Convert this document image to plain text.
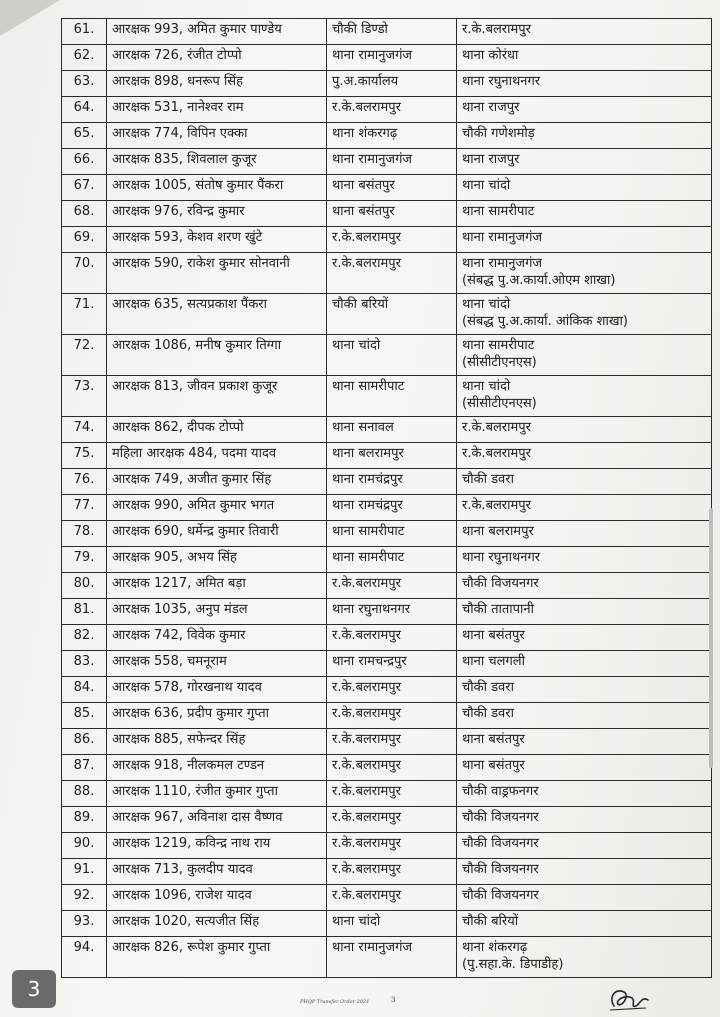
61.	आरक्षक 993, अमित कुमार पाण्डेय	चौकी डिण्डो	र.के.बलरामपुर

62.	आरक्षक 726, रंजीत टोप्पो	थाना रामानुजगंज	थाना कोरंधा

63.	आरक्षक 898, धनरूप सिंह	पु.अ.कार्यालय	थाना रघुनाथनगर

64.	आरक्षक 531, नानेश्वर राम	र.के.बलरामपुर	थाना राजपुर

65.	आरक्षक 774, विपिन एक्का	थाना शंकरगढ़	चौकी गणेशमोड़

66.	आरक्षक 835, शिवलाल कुजूर	थाना रामानुजगंज	थाना राजपुर

67.	आरक्षक 1005, संतोष कुमार पैंकरा	थाना बसंतपुर	थाना चांदो

68.	आरक्षक 976, रविन्द्र कुमार	थाना बसंतपुर	थाना सामरीपाट

69.	आरक्षक 593, केशव शरण खुंटे	र.के.बलरामपुर	थाना रामानुजगंज

70.	आरक्षक 590, राकेश कुमार सोनवानी	र.के.बलरामपुर	थाना रामानुजगंज
(संबद्ध पु.अ.कार्या.ओएम शाखा)

71.	आरक्षक 635, सत्यप्रकाश पैंकरा	चौकी बरियों	थाना चांदो
(संबद्ध पु.अ.कार्या. आंकिक शाखा)

72.	आरक्षक 1086, मनीष कुमार तिग्गा	थाना चांदो	थाना सामरीपाट
(सीसीटीएनएस)

73.	आरक्षक 813, जीवन प्रकाश कुजूर	थाना सामरीपाट	थाना चांदो
(सीसीटीएनएस)

74.	आरक्षक 862, दीपक टोप्पो	थाना सनावल	र.के.बलरामपुर

75.	महिला आरक्षक 484, पदमा यादव	थाना बलरामपुर	र.के.बलरामपुर

76.	आरक्षक 749, अजीत कुमार सिंह	थाना रामचंद्रपुर	चौकी डवरा

77.	आरक्षक 990, अमित कुमार भगत	थाना रामचंद्रपुर	र.के.बलरामपुर

78.	आरक्षक 690, धर्मेन्द्र कुमार तिवारी	थाना सामरीपाट	थाना बलरामपुर

79.	आरक्षक 905, अभय सिंह	थाना सामरीपाट	थाना रघुनाथनगर

80.	आरक्षक 1217, अमित बड़ा	र.के.बलरामपुर	चौकी विजयनगर

81.	आरक्षक 1035, अनुप मंडल	थाना रघुनाथनगर	चौकी तातापानी

82.	आरक्षक 742, विवेक कुमार	र.के.बलरामपुर	थाना बसंतपुर

83.	आरक्षक 558, चमनूराम	थाना रामचन्द्रपुर	थाना चलगली

84.	आरक्षक 578, गोरखनाथ यादव	र.के.बलरामपुर	चौकी डवरा

85.	आरक्षक 636, प्रदीप कुमार गुप्ता	र.के.बलरामपुर	चौकी डवरा

86.	आरक्षक 885, सफेन्दर सिंह	र.के.बलरामपुर	थाना बसंतपुर

87.	आरक्षक 918, नीलकमल टण्डन	र.के.बलरामपुर	थाना बसंतपुर

88.	आरक्षक 1110, रंजीत कुमार गुप्ता	र.के.बलरामपुर	चौकी वाड्रफनगर

89.	आरक्षक 967, अविनाश दास वैष्णव	र.के.बलरामपुर	चौकी विजयनगर

90.	आरक्षक 1219, कविन्द्र नाथ राय	र.के.बलरामपुर	चौकी विजयनगर

91.	आरक्षक 713, कुलदीप यादव	र.के.बलरामपुर	चौकी विजयनगर

92.	आरक्षक 1096, राजेश यादव	र.के.बलरामपुर	चौकी विजयनगर

93.	आरक्षक 1020, सत्यजीत सिंह	थाना चांदो	चौकी बरियों

94.	आरक्षक 826, रूपेश कुमार गुप्ता	थाना रामानुजगंज	थाना शंकरगढ़
(पु.सहा.के. डिपाडीह)
PHQP Transfer Order 2021	3
3
